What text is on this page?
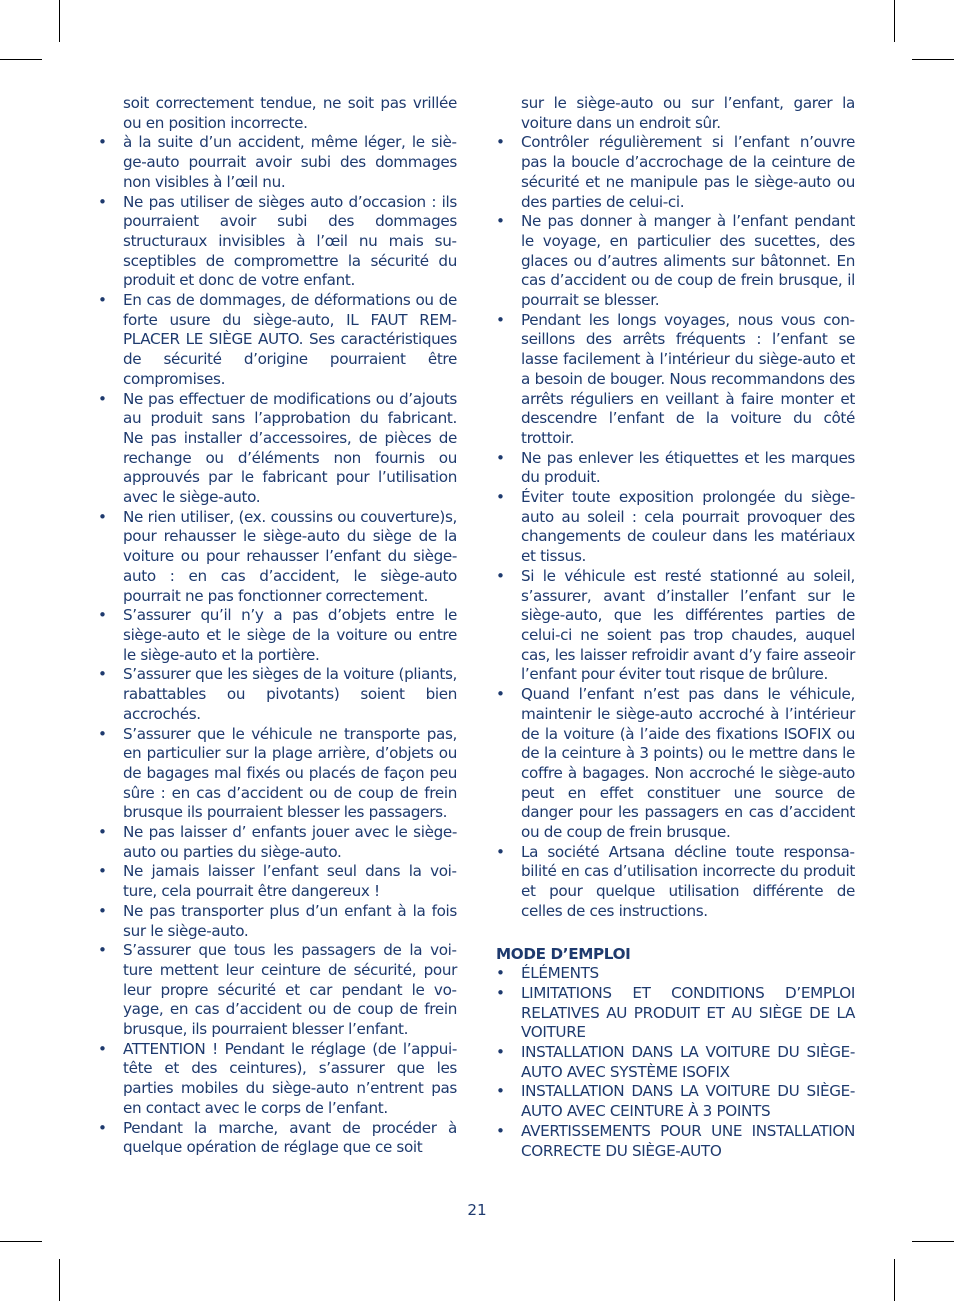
soit correctement tendue, ne soit pas vrillée ou en position incorrecte.
•	à la suite d’un accident, même léger, le siège-auto pourrait avoir subi des dommages non visibles à l’œil nu.
•	Ne pas utiliser de sièges auto d’occasion : ils pourraient avoir subi des dommages structuraux invisibles à l’œil nu mais susceptibles de compromettre la sécurité du produit et donc de votre enfant.
•	En cas de dommages, de déformations ou de forte usure du siège-auto, IL FAUT REMPLACER LE SIÈGE AUTO. Ses caractéristiques de sécurité d’origine pourraient être compromises.
•	Ne pas effectuer de modifications ou d’ajouts au produit sans l’approbation du fabricant. Ne pas installer d’accessoires, de pièces de rechange ou d’éléments non fournis ou approuvés par le fabricant pour l’utilisation avec le siège-auto.
•	Ne rien utiliser, (ex. coussins ou couverture)s, pour rehausser le siège-auto du siège de la voiture ou pour rehausser l’enfant du siège-auto : en cas d’accident, le siège-auto pourrait ne pas fonctionner correctement.
•	S’assurer qu’il n’y a pas d’objets entre le siège-auto et le siège de la voiture ou entre le siège-auto et la portière.
•	S’assurer que les sièges de la voiture (pliants, rabattables ou pivotants) soient bien accrochés.
•	S’assurer que le véhicule ne transporte pas, en particulier sur la plage arrière, d’objets ou de bagages mal fixés ou placés de façon peu sûre : en cas d’accident ou de coup de frein brusque ils pourraient blesser les passagers.
•	Ne pas laisser d’ enfants jouer avec le siège-auto ou parties du siège-auto.
•	Ne jamais laisser l’enfant seul dans la voiture, cela pourrait être dangereux !
•	Ne pas transporter plus d’un enfant à la fois sur le siège-auto.
•	S’assurer que tous les passagers de la voiture mettent leur ceinture de sécurité, pour leur propre sécurité et car pendant le voyage, en cas d’accident ou de coup de frein brusque, ils pourraient blesser l’enfant.
•	ATTENTION ! Pendant le réglage (de l’appui-tête et des ceintures), s’assurer que les parties mobiles du siège-auto n’entrent pas en contact avec le corps de l’enfant.
•	Pendant la marche, avant de procéder à quelque opération de réglage que ce soit
sur le siège-auto ou sur l’enfant, garer la voiture dans un endroit sûr.
•	Contrôler régulièrement si l’enfant n’ouvre pas la boucle d’accrochage de la ceinture de sécurité et ne manipule pas le siège-auto ou des parties de celui-ci.
•	Ne pas donner à manger à l’enfant pendant le voyage, en particulier des sucettes, des glaces ou d’autres aliments sur bâtonnet. En cas d’accident ou de coup de frein brusque, il pourrait se blesser.
•	Pendant les longs voyages, nous vous conseillons des arrêts fréquents : l’enfant se lasse facilement à l’intérieur du siège-auto et a besoin de bouger. Nous recommandons des arrêts réguliers en veillant à faire monter et descendre l’enfant de la voiture du côté trottoir.
•	Ne pas enlever les étiquettes et les marques du produit.
•	Éviter toute exposition prolongée du siège-auto au soleil : cela pourrait provoquer des changements de couleur dans les matériaux et tissus.
•	Si le véhicule est resté stationné au soleil, s’assurer, avant d’installer l’enfant sur le siège-auto, que les différentes parties de celui-ci ne soient pas trop chaudes, auquel cas, les laisser refroidir avant d’y faire asseoir l’enfant pour éviter tout risque de brûlure.
•	Quand l’enfant n’est pas dans le véhicule, maintenir le siège-auto accroché à l’intérieur de la voiture (à l’aide des fixations ISOFIX ou de la ceinture à 3 points) ou le mettre dans le coffre à bagages. Non accroché le siège-auto peut en effet constituer une source de danger pour les passagers en cas d’accident ou de coup de frein brusque.
•	La société Artsana décline toute responsabilité en cas d’utilisation incorrecte du produit et pour quelque utilisation différente de celles de ces instructions.
MODE D’EMPLOI
•	ÉLÉMENTS
•	LIMITATIONS ET CONDITIONS D’EMPLOI RELATIVES AU PRODUIT ET AU SIÈGE DE LA VOITURE
•	INSTALLATION DANS LA VOITURE DU SIÈGE-AUTO AVEC SYSTÈME ISOFIX
•	INSTALLATION DANS LA VOITURE DU SIÈGE-AUTO AVEC CEINTURE À 3 POINTS
•	AVERTISSEMENTS POUR UNE INSTALLATION CORRECTE DU SIÈGE-AUTO
21
